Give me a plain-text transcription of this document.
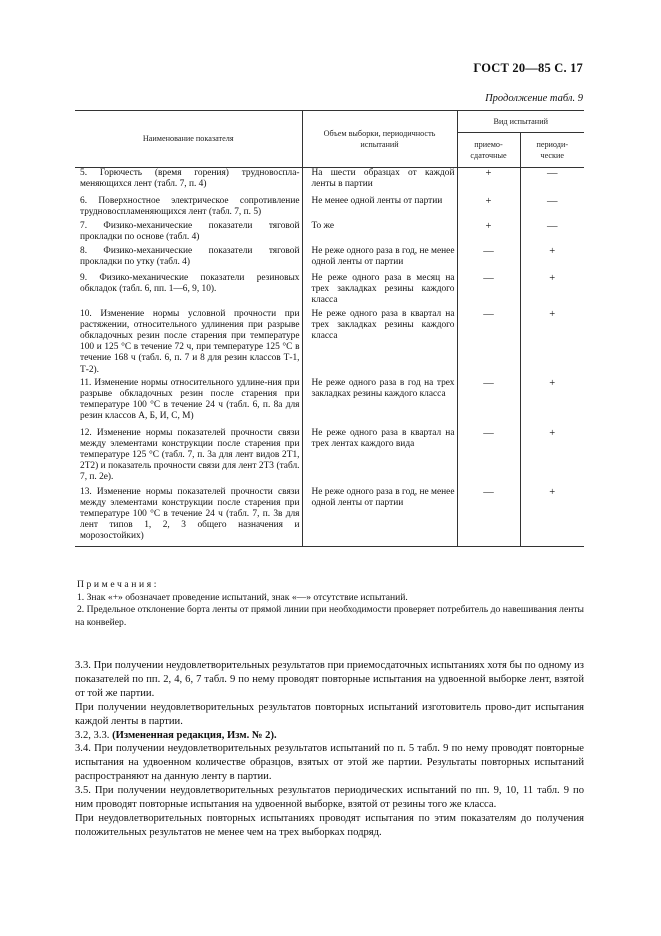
ГОСТ 20—85 С. 17
Продолжение табл. 9
Наименование показателя	Объем выборки, периодичность испытаний	Вид испытаний	
		приемо-сдаточные	периоди-ческие
5. Горючесть (время горения) трудновоспла-меняющихся лент (табл. 7, п. 4)	На шести образцах от каждой ленты в партии	+	—
6. Поверхностное электрическое сопротивление трудновоспламеняющихся лент (табл. 7, п. 5)	Не менее одной ленты от партии	+	—
7. Физико-механические показатели тяговой прокладки по основе (табл. 4)	То же	+	—
8. Физико-механические показатели тяговой прокладки по утку (табл. 4)	Не реже одного раза в год, не менее одной ленты от партии	—	+
9. Физико-механические показатели резиновых обкладок (табл. 6, пп. 1—6, 9, 10).	Не реже одного раза в месяц на трех закладках резины каждого класса	—	+
10. Изменение нормы условной прочности при растяжении, относительного удлинения при разрыве обкладочных резин после старения при температуре 100 и 125 °С в течение 72 ч, при температуре 125 °С в течение 168 ч (табл. 6, п. 7 и 8 для резин классов Т-1, Т-2).	Не реже одного раза в квартал на трех закладках резины каждого класса	—	+
11. Изменение нормы относительного удлине-ния при разрыве обкладочных резин после старения при температуре 100 °С в течение 24 ч (табл. 6, п. 8а для резин классов А, Б, И, С, М)	Не реже одного раза в год на трех закладках резины каждого класса	—	+
12. Изменение нормы показателей прочности связи между элементами конструкции после старения при температуре 125 °С (табл. 7, п. 3а для лент видов 2Т1, 2Т2) и показатель прочности связи для лент 2Т3 (табл. 7, п. 2е).	Не реже одного раза в квартал на трех лентах каждого вида	—	+
13. Изменение нормы показателей прочности связи между элементами конструкции после старения при температуре 100 °С в течение 24 ч (табл. 7, п. 3в для лент типов 1, 2, 3 общего назначения и морозостойких)	Не реже одного раза в год, не менее одной ленты от партии	—	+

Примечания:

1. Знак «+» обозначает проведение испытаний, знак «—» отсутствие испытаний.

2. Предельное отклонение борта ленты от прямой линии при необходимости проверяет потребитель до навешивания ленты на конвейер.

3.3. При получении неудовлетворительных результатов при приемосдаточных испытаниях хотя бы по одному из показателей по пп. 2, 4, 6, 7 табл. 9 по нему проводят повторные испытания на удвоенной выборке лент, взятой от той же партии.

При получении неудовлетворительных результатов повторных испытаний изготовитель прово-дит испытания каждой ленты в партии.

3.2, 3.3. (Измененная редакция, Изм. № 2).

3.4. При получении неудовлетворительных результатов испытаний по п. 5 табл. 9 по нему проводят повторные испытания на удвоенном количестве образцов, взятых от этой же партии. Результаты повторных испытаний распространяют на данную ленту в партии.

3.5. При получении неудовлетворительных результатов периодических испытаний по пп. 9, 10, 11 табл. 9 по ним проводят повторные испытания на удвоенной выборке, взятой от резины того же класса.

При неудовлетворительных повторных испытаниях проводят испытания по этим показателям до получения положительных результатов не менее чем на трех выборках подряд.
